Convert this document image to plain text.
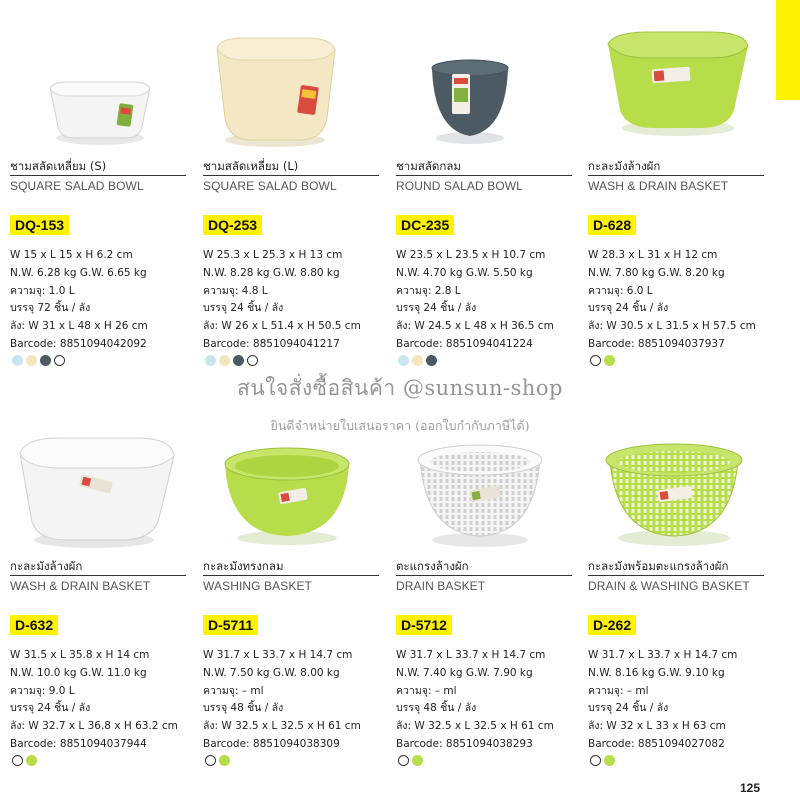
ชามสลัดเหลี่ยม (S)
SQUARE SALAD BOWL
DQ-153
W 15 x L 15 x H 6.2 cm
N.W. 6.28 kg G.W. 6.65 kg
ความจุ: 1.0 L
บรรจุ 72 ชิ้น / ลัง
ลัง: W 31 x L 48 x H 26 cm
Barcode: 8851094042092
ชามสลัดเหลี่ยม (L)
SQUARE SALAD BOWL
DQ-253
W 25.3 x L 25.3 x H 13 cm
N.W. 8.28 kg G.W. 8.80 kg
ความจุ: 4.8 L
บรรจุ 24 ชิ้น / ลัง
ลัง: W 26 x L 51.4 x H 50.5 cm
Barcode: 8851094041217
ชามสลัดกลม
ROUND SALAD BOWL
DC-235
W 23.5 x L 23.5 x H 10.7 cm
N.W. 4.70 kg G.W. 5.50 kg
ความจุ: 2.8 L
บรรจุ 24 ชิ้น / ลัง
ลัง: W 24.5 x L 48 x H 36.5 cm
Barcode: 8851094041224
กะละมังล้างผัก
WASH & DRAIN BASKET
D-628
W 28.3 x L 31 x H 12 cm
N.W. 7.80 kg G.W. 8.20 kg
ความจุ: 6.0 L
บรรจุ 24 ชิ้น / ลัง
ลัง: W 30.5 x L 31.5 x H 57.5 cm
Barcode: 8851094037937
กะละมังล้างผัก
WASH & DRAIN BASKET
D-632
W 31.5 x L 35.8 x H 14 cm
N.W. 10.0 kg G.W. 11.0 kg
ความจุ: 9.0 L
บรรจุ 24 ชิ้น / ลัง
ลัง: W 32.7 x L 36.8 x H 63.2 cm
Barcode: 8851094037944
กะละมังทรงกลม
WASHING BASKET
D-5711
W 31.7 x L 33.7 x H 14.7 cm
N.W. 7.50 kg G.W. 8.00 kg
ความจุ: – ml
บรรจุ 48 ชิ้น / ลัง
ลัง: W 32.5 x L 32.5 x H 61 cm
Barcode: 8851094038309
ตะแกรงล้างผัก
DRAIN BASKET
D-5712
W 31.7 x L 33.7 x H 14.7 cm
N.W. 7.40 kg G.W. 7.90 kg
ความจุ: – ml
บรรจุ 48 ชิ้น / ลัง
ลัง: W 32.5 x L 32.5 x H 61 cm
Barcode: 8851094038293
กะละมังพร้อมตะแกรงล้างผัก
DRAIN & WASHING BASKET
D-262
W 31.7 x L 33.7 x H 14.7 cm
N.W. 8.16 kg G.W. 9.10 kg
ความจุ: – ml
บรรจุ 24 ชิ้น / ลัง
ลัง: W 32 x L 33 x H 63 cm
Barcode: 8851094027082
สนใจสั่งซื้อสินค้า @sunsun-shop
ยินดีจำหน่ายใบเสนอราคา (ออกใบกำกับภาษีได้)
125
